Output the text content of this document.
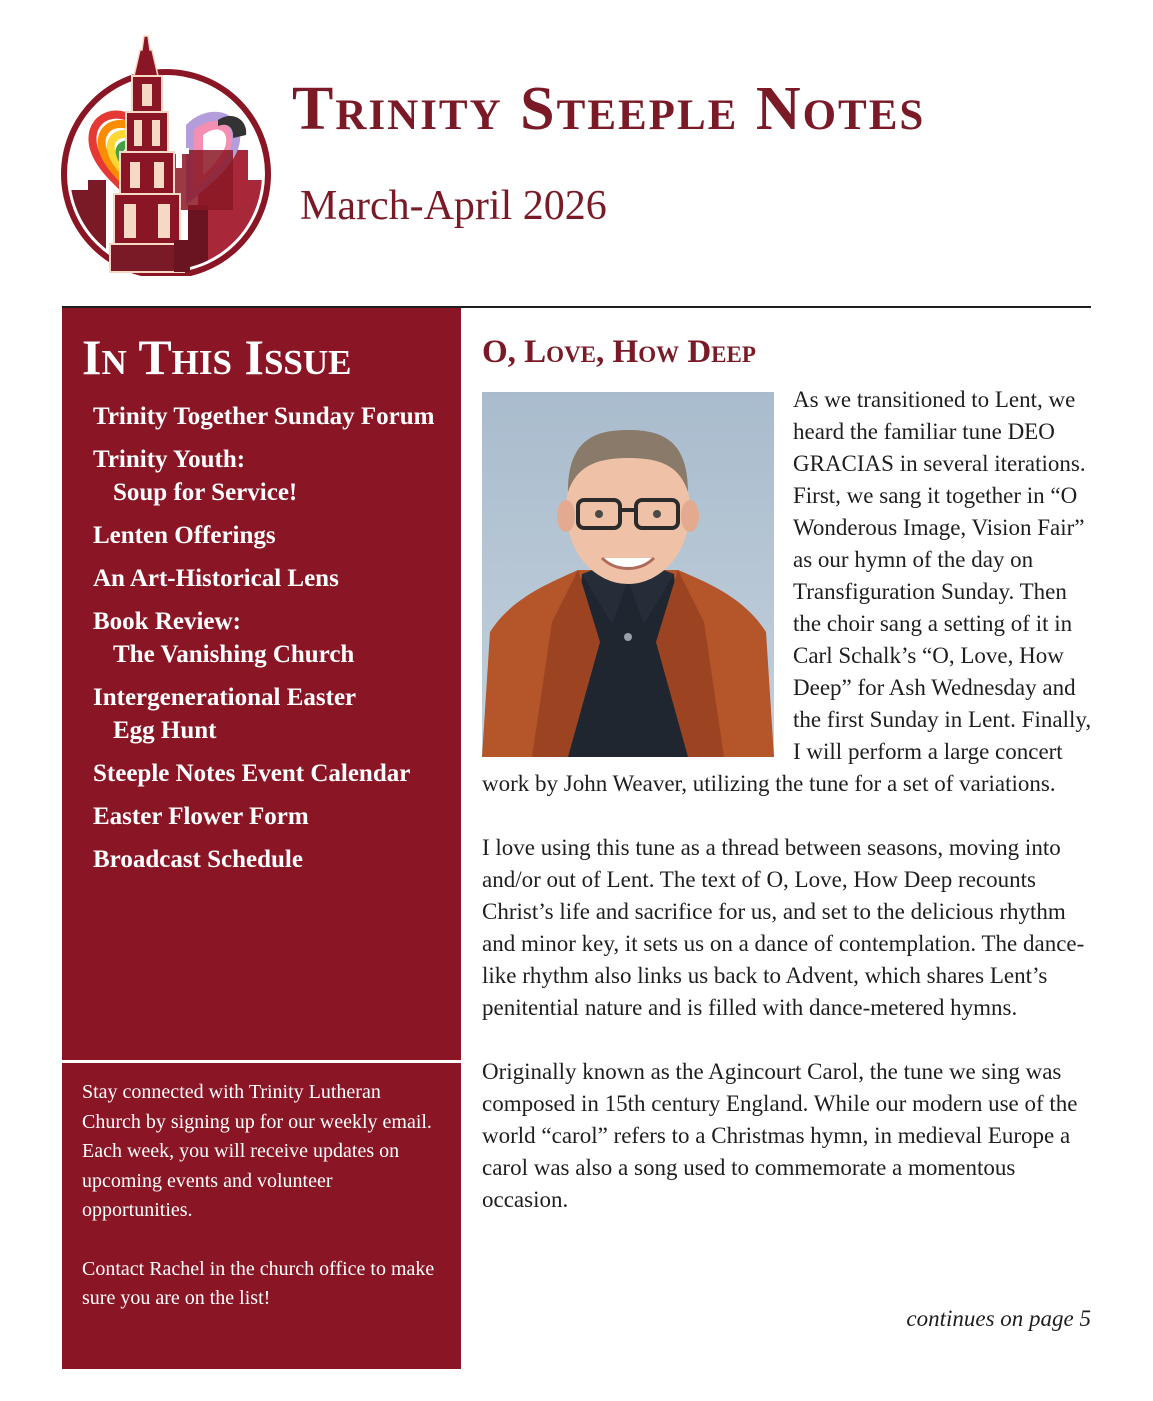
Trinity Steeple Notes
March-April 2026
In This Issue
Trinity Together Sunday Forum
Trinity Youth:
Soup for Service!
Lenten Offerings
An Art-Historical Lens
Book Review:
The Vanishing Church
Intergenerational Easter
Egg Hunt
Steeple Notes Event Calendar
Easter Flower Form
Broadcast Schedule

Stay connected with Trinity Lutheran Church by signing up for our weekly email. Each week, you will receive updates on upcoming events and volunteer opportunities.

Contact Rachel in the church office to make sure you are on the list!

O, Love, How Deep

As we transitioned to Lent, we heard the familiar tune DEO GRACIAS in several iterations. First, we sang it together in “O Wonderous Image, Vision Fair” as our hymn of the day on Transfiguration Sunday. Then the choir sang a setting of it in Carl Schalk’s “O, Love, How Deep” for Ash Wednesday and the first Sunday in Lent. Finally, I will perform a large concert work by John Weaver, utilizing the tune for a set of variations.

I love using this tune as a thread between seasons, moving into and/or out of Lent. The text of O, Love, How Deep recounts Christ’s life and sacrifice for us, and set to the delicious rhythm and minor key, it sets us on a dance of contemplation. The dance-like rhythm also links us back to Advent, which shares Lent’s penitential nature and is filled with dance-metered hymns.

Originally known as the Agincourt Carol, the tune we sing was composed in 15th century England. While our modern use of the world “carol” refers to a Christmas hymn, in medieval Europe a carol was also a song used to commemorate a momentous occasion.

continues on page 5
